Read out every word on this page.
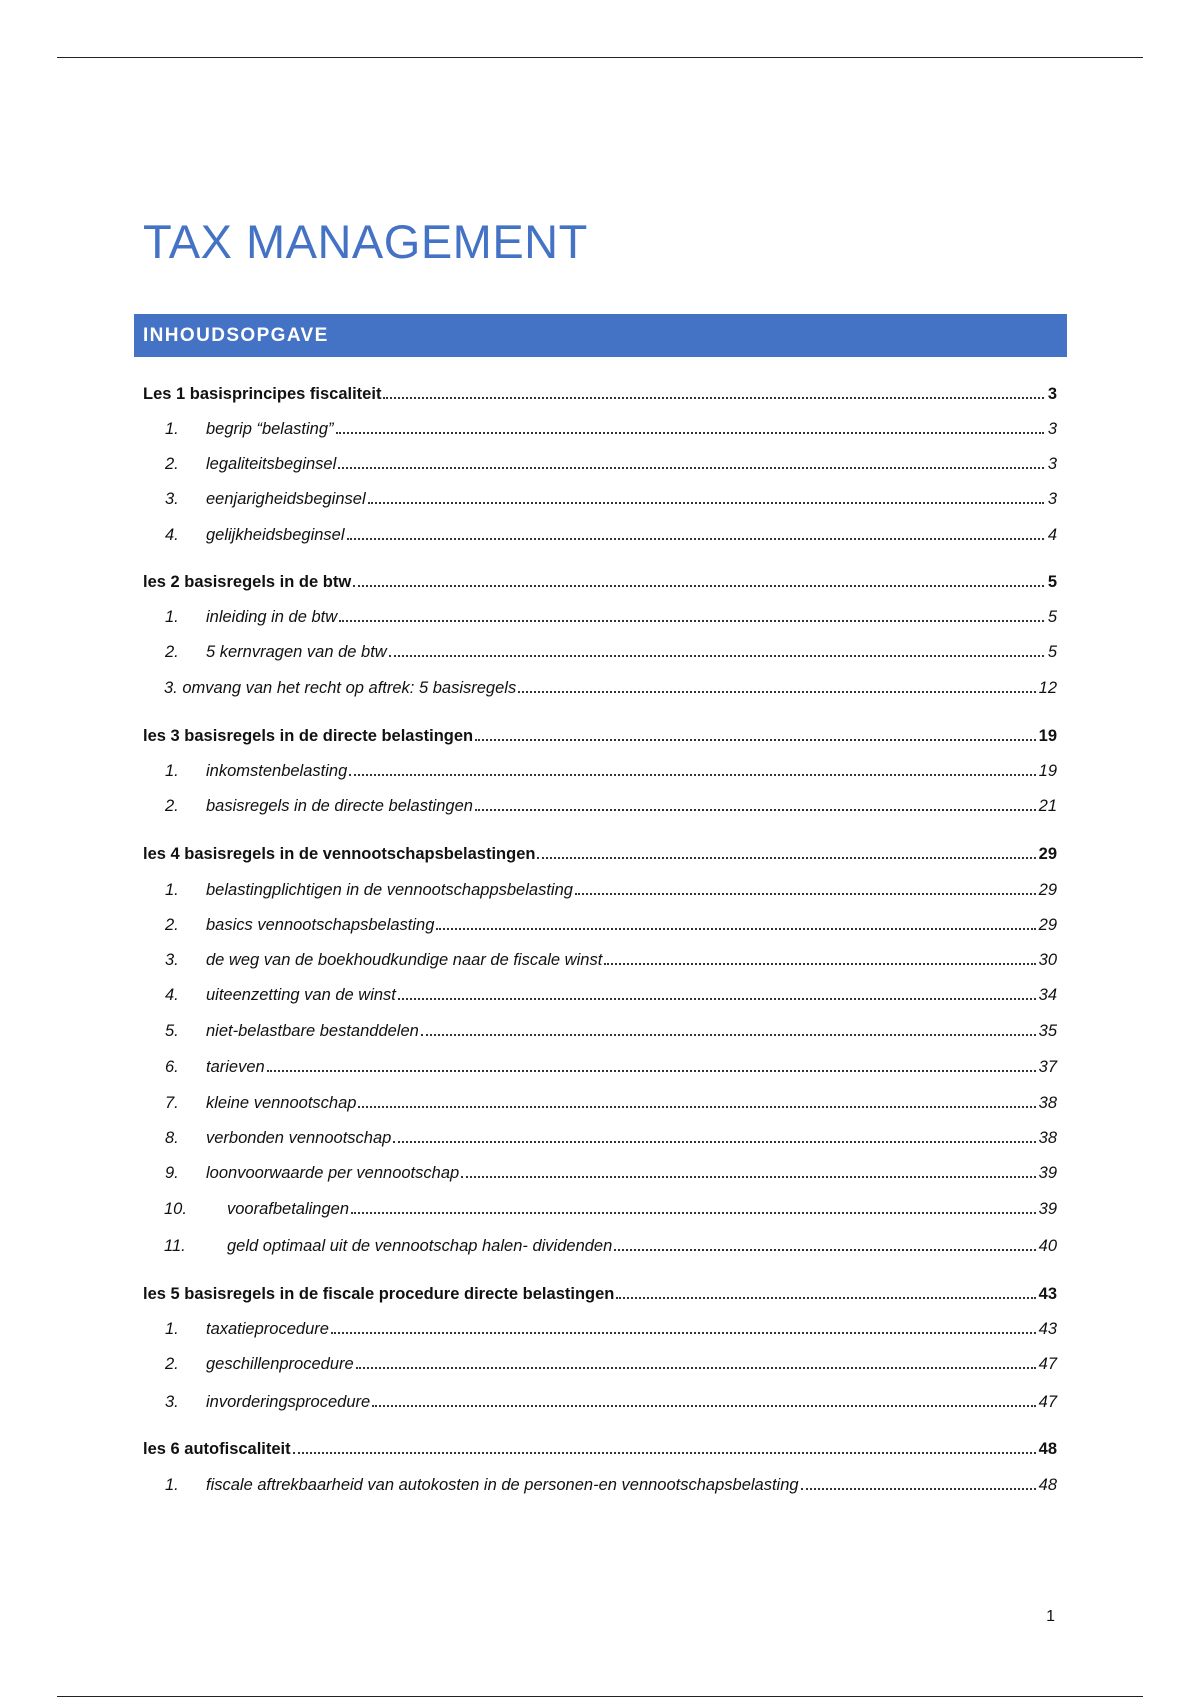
TAX MANAGEMENT
INHOUDSOPGAVE
Les 1 basisprincipes fiscaliteit	3
1. begrip “belasting”	3
2. legaliteitsbeginsel	3
3. eenjarigheidsbeginsel	3
4. gelijkheidsbeginsel	4
les 2 basisregels in de btw	5
1. inleiding in de btw	5
2. 5 kernvragen van de btw	5
3. omvang van het recht op aftrek: 5 basisregels	12
les 3 basisregels in de directe belastingen	19
1. inkomstenbelasting	19
2. basisregels in de directe belastingen	21
les 4 basisregels in de vennootschapsbelastingen	29
1. belastingplichtigen in de vennootschappsbelasting	29
2. basics vennootschapsbelasting	29
3. de weg van de boekhoudkundige naar de fiscale winst	30
4. uiteenzetting van de winst	34
5. niet-belastbare bestanddelen	35
6. tarieven	37
7. kleine vennootschap	38
8. verbonden vennootschap	38
9. loonvoorwaarde per vennootschap	39
10. voorafbetalingen	39
11.	geld optimaal uit de vennootschap halen- dividenden	40
les 5 basisregels in de fiscale procedure directe belastingen	43
1. taxatieprocedure	43
2. geschillenprocedure	47
3. invorderingsprocedure	47
les 6 autofiscaliteit	48
1. fiscale aftrekbaarheid van autokosten in de personen-en vennootschapsbelasting	48
1
